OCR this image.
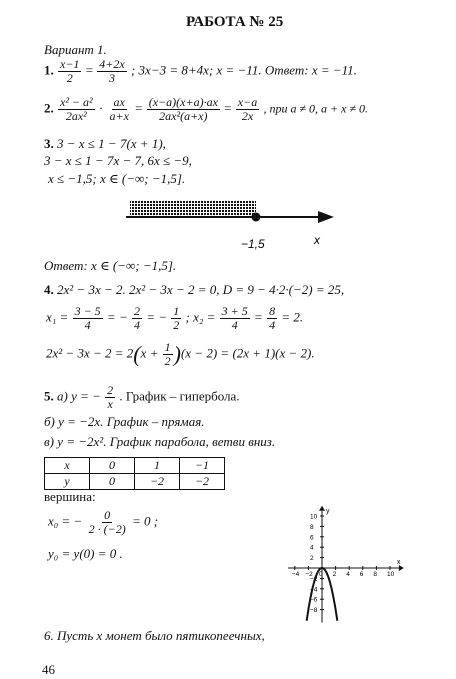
РАБОТА № 25
Вариант 1.
1. $\frac{x-1}{2} = \frac{4+2x}{3}$ ; 3x−3 = 8+4x; x = −11. Ответ: x = −11.
2. $\frac{\text{x² − a²}}{\text{2ax²}} \cdot \frac{ax}{a+x} = \frac{(x-a)(x+a)\cdot ax}{\text{2ax²(a+x)}} = \frac{x-a}{2x}$ , при a ≠ 0, a + x ≠ 0.
3. 3 − x ≤ 1 − 7(x + 1),
3 − x ≤ 1 − 7x − 7, 6x ≤ −9,
x ≤ −1,5; x ∈ (−∞; −1,5].
−1,5	x
Ответ: x ∈ (−∞; −1,5].
4. 2x² − 3x − 2. 2x² − 3x − 2 = 0, D = 9 − 4·2·(−2) = 25,
$x_1 = \frac{3 - 5}{4}$ = − $\frac{2}{4}$ = − $\frac{1}{2}$ ; $x_2 = \frac{3 + 5}{4} = \frac{8}{4} = 2$.
$2x^2 - 3x - 2 = 2(x + \frac{1}{2} )(x - 2) = (2x + 1)(x - 2)$.
5. а) y = − $\frac{2}{x}$ . График – гипербола.
б) y = −2x. График – прямая.
в) y = −2x². График парабола, ветви вниз.
x	0	1	−1
y	0	−2	−2
вершина:
x₀ = − $\frac{0}{2 \cdot (-2)} = 0$ ;
y₀ = y(0) = 0 .
y
x
−4 −2 0 2 4 6 8 10
10
8
6
4
2
−2
−4
−6
−8
6. Пусть x монет было пятикопеечных,
46
